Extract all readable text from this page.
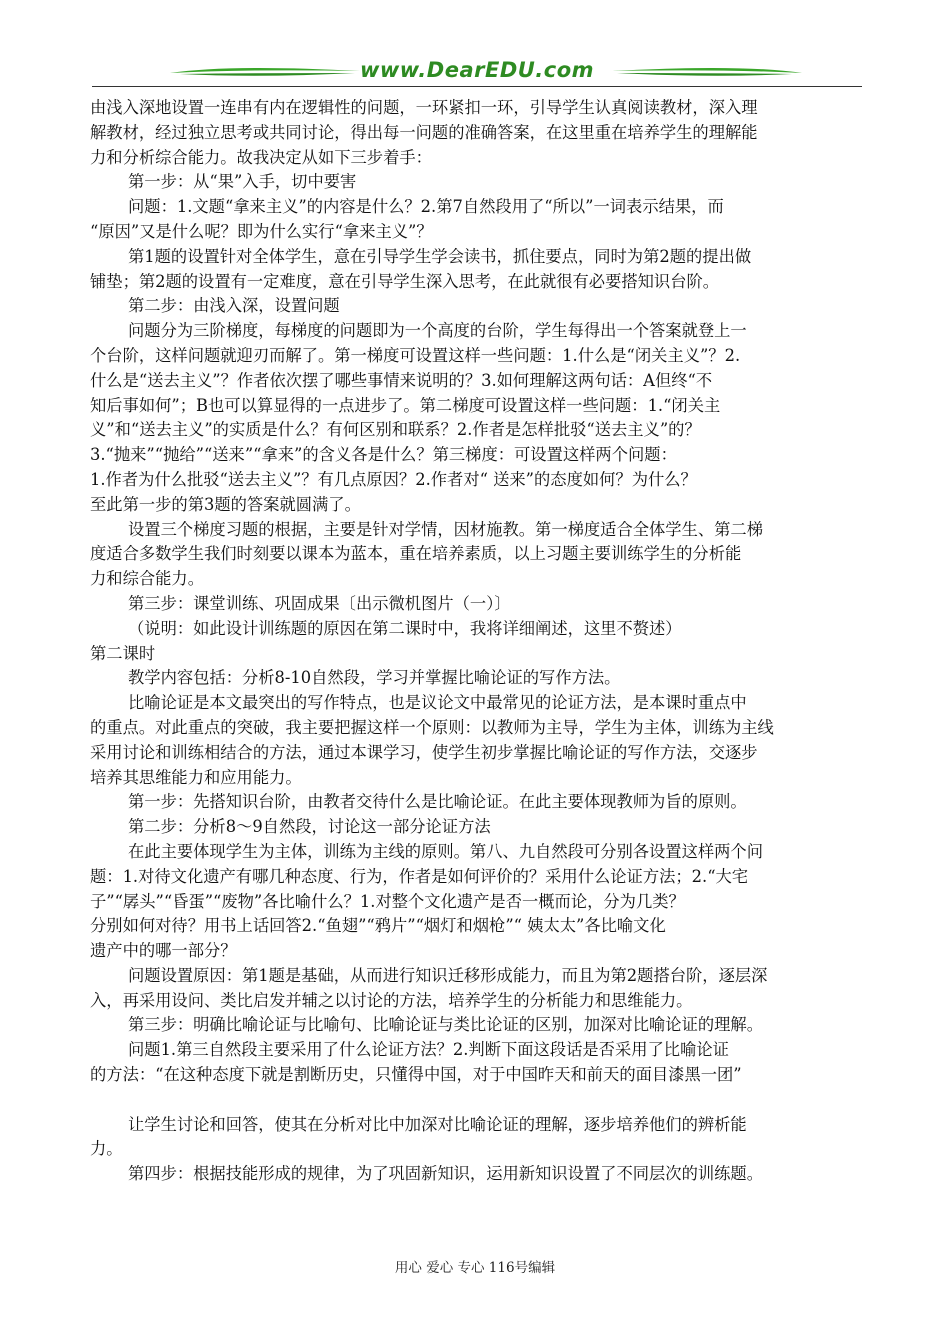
www.DearEDU.com
由浅入深地设置一连串有内在逻辑性的问题，一环紧扣一环，引导学生认真阅读教材，深入理
解教材，经过独立思考或共同讨论，得出每一问题的准确答案，在这里重在培养学生的理解能
力和分析综合能力。故我决定从如下三步着手：
第一步：从“果”入手，切中要害
问题：1.文题“拿来主义”的内容是什么？2.第7自然段用了“所以”一词表示结果，而
“原因”又是什么呢？即为什么实行“拿来主义”？
第1题的设置针对全体学生，意在引导学生学会读书，抓住要点，同时为第2题的提出做
铺垫；第2题的设置有一定难度，意在引导学生深入思考，在此就很有必要搭知识台阶。
第二步：由浅入深，设置问题
问题分为三阶梯度，每梯度的问题即为一个高度的台阶，学生每得出一个答案就登上一
个台阶，这样问题就迎刃而解了。第一梯度可设置这样一些问题：1.什么是“闭关主义”？2.
什么是“送去主义”？作者依次摆了哪些事情来说明的？3.如何理解这两句话：A但终“不
知后事如何”；B也可以算显得的一点进步了。第二梯度可设置这样一些问题：1.“闭关主
义”和“送去主义”的实质是什么？有何区别和联系？2.作者是怎样批驳“送去主义”的？
3.“抛来”“抛给”“送来”“拿来”的含义各是什么？第三梯度：可设置这样两个问题：
1.作者为什么批驳“送去主义”？有几点原因？2.作者对“ 送来”的态度如何？为什么？
至此第一步的第3题的答案就圆满了。
设置三个梯度习题的根据，主要是针对学情，因材施教。第一梯度适合全体学生、第二梯
度适合多数学生我们时刻要以课本为蓝本，重在培养素质，以上习题主要训练学生的分析能
力和综合能力。
第三步：课堂训练、巩固成果〔出示微机图片（一）〕
（说明：如此设计训练题的原因在第二课时中，我将详细阐述，这里不赘述）
第二课时
教学内容包括：分析8-10自然段，学习并掌握比喻论证的写作方法。
比喻论证是本文最突出的写作特点，也是议论文中最常见的论证方法，是本课时重点中
的重点。对此重点的突破，我主要把握这样一个原则：以教师为主导，学生为主体，训练为主线
采用讨论和训练相结合的方法，通过本课学习，使学生初步掌握比喻论证的写作方法，交逐步
培养其思维能力和应用能力。
第一步：先搭知识台阶，由教者交待什么是比喻论证。在此主要体现教师为旨的原则。
第二步：分析8～9自然段，讨论这一部分论证方法
在此主要体现学生为主体，训练为主线的原则。第八、九自然段可分别各设置这样两个问
题：1.对待文化遗产有哪几种态度、行为，作者是如何评价的？采用什么论证方法；2.“大宅
子”“孱头”“昏蛋”“废物”各比喻什么？1.对整个文化遗产是否一概而论，分为几类？
分别如何对待？用书上话回答2.“鱼翅”“鸦片”“烟灯和烟枪”“ 姨太太”各比喻文化
遗产中的哪一部分？
问题设置原因：第1题是基础，从而进行知识迁移形成能力，而且为第2题搭台阶，逐层深
入，再采用设问、类比启发并辅之以讨论的方法，培养学生的分析能力和思维能力。
第三步：明确比喻论证与比喻句、比喻论证与类比论证的区别，加深对比喻论证的理解。
问题1.第三自然段主要采用了什么论证方法？2.判断下面这段话是否采用了比喻论证
的方法：“在这种态度下就是割断历史，只懂得中国，对于中国昨天和前天的面目漆黑一团”
让学生讨论和回答，使其在分析对比中加深对比喻论证的理解，逐步培养他们的辨析能
力。
第四步：根据技能形成的规律，为了巩固新知识，运用新知识设置了不同层次的训练题。
用心 爱心 专心 116号编辑
